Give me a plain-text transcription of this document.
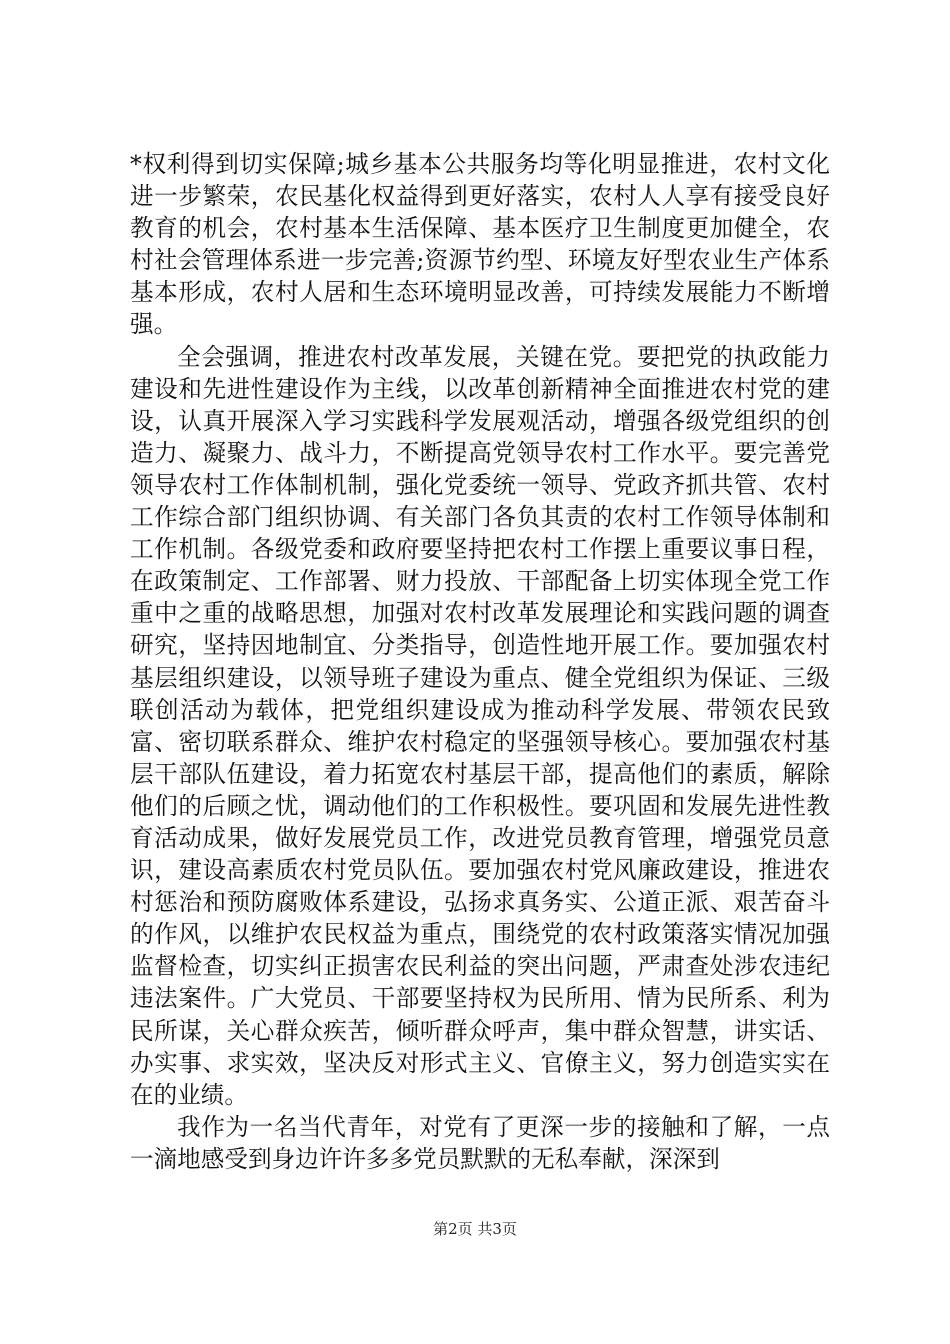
*权利得到切实保障;城乡基本公共服务均等化明显推进，农村文化进一步繁荣，农民基化权益得到更好落实，农村人人享有接受良好教育的机会，农村基本生活保障、基本医疗卫生制度更加健全，农村社会管理体系进一步完善;资源节约型、环境友好型农业生产体系基本形成，农村人居和生态环境明显改善，可持续发展能力不断增强。

全会强调，推进农村改革发展，关键在党。要把党的执政能力建设和先进性建设作为主线，以改革创新精神全面推进农村党的建设，认真开展深入学习实践科学发展观活动，增强各级党组织的创造力、凝聚力、战斗力，不断提高党领导农村工作水平。要完善党领导农村工作体制机制，强化党委统一领导、党政齐抓共管、农村工作综合部门组织协调、有关部门各负其责的农村工作领导体制和工作机制。各级党委和政府要坚持把农村工作摆上重要议事日程，在政策制定、工作部署、财力投放、干部配备上切实体现全党工作重中之重的战略思想，加强对农村改革发展理论和实践问题的调查研究，坚持因地制宜、分类指导，创造性地开展工作。要加强农村基层组织建设，以领导班子建设为重点、健全党组织为保证、三级联创活动为载体，把党组织建设成为推动科学发展、带领农民致富、密切联系群众、维护农村稳定的坚强领导核心。要加强农村基层干部队伍建设，着力拓宽农村基层干部，提高他们的素质，解除他们的后顾之忧，调动他们的工作积极性。要巩固和发展先进性教育活动成果，做好发展党员工作，改进党员教育管理，增强党员意识，建设高素质农村党员队伍。要加强农村党风廉政建设，推进农村惩治和预防腐败体系建设，弘扬求真务实、公道正派、艰苦奋斗的作风，以维护农民权益为重点，围绕党的农村政策落实情况加强监督检查，切实纠正损害农民利益的突出问题，严肃查处涉农违纪违法案件。广大党员、干部要坚持权为民所用、情为民所系、利为民所谋，关心群众疾苦，倾听群众呼声，集中群众智慧，讲实话、办实事、求实效，坚决反对形式主义、官僚主义，努力创造实实在在的业绩。

我作为一名当代青年，对党有了更深一步的接触和了解，一点一滴地感受到身边许许多多党员默默的无私奉献，深深到

第2页 共3页
